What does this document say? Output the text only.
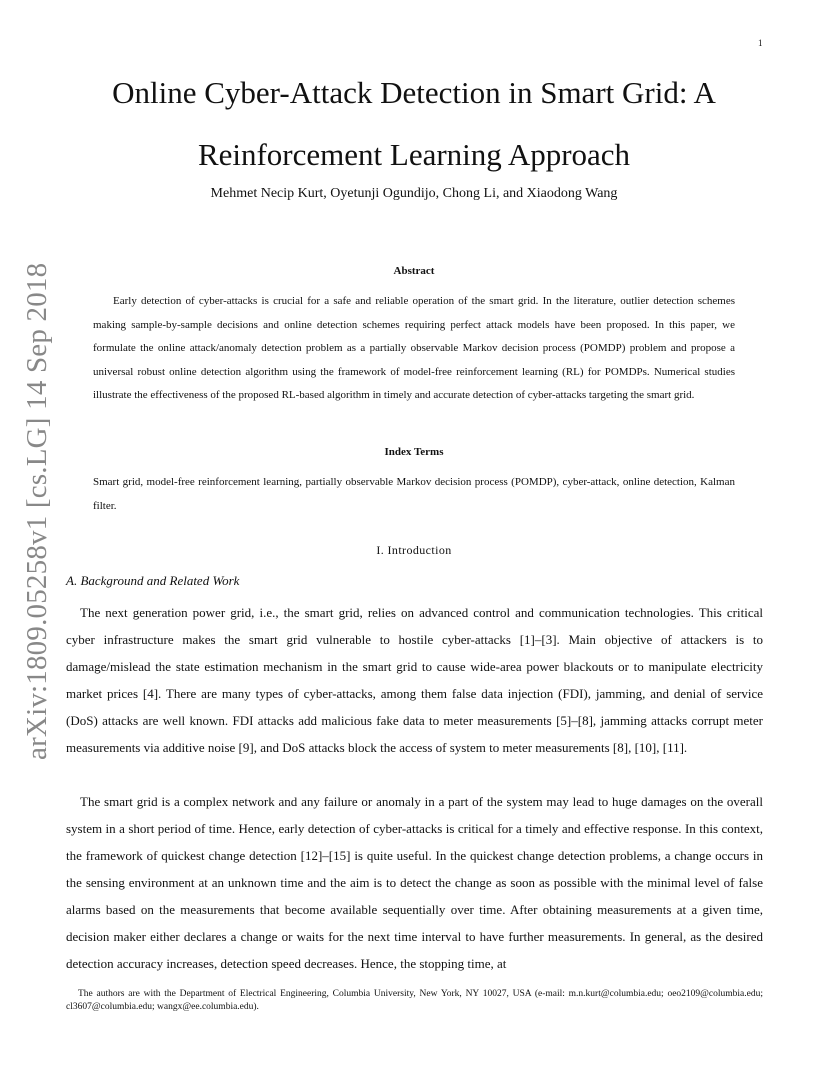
1
arXiv:1809.05258v1 [cs.LG] 14 Sep 2018
Online Cyber-Attack Detection in Smart Grid: A
Reinforcement Learning Approach
Mehmet Necip Kurt, Oyetunji Ogundijo, Chong Li, and Xiaodong Wang
Abstract

Early detection of cyber-attacks is crucial for a safe and reliable operation of the smart grid. In the literature, outlier detection schemes making sample-by-sample decisions and online detection schemes requiring perfect attack models have been proposed. In this paper, we formulate the online attack/anomaly detection problem as a partially observable Markov decision process (POMDP) problem and propose a universal robust online detection algorithm using the framework of model-free reinforcement learning (RL) for POMDPs. Numerical studies illustrate the effectiveness of the proposed RL-based algorithm in timely and accurate detection of cyber-attacks targeting the smart grid.

Index Terms

Smart grid, model-free reinforcement learning, partially observable Markov decision process (POMDP), cyber-attack, online detection, Kalman filter.

I. Introduction
A. Background and Related Work

The next generation power grid, i.e., the smart grid, relies on advanced control and communication technologies. This critical cyber infrastructure makes the smart grid vulnerable to hostile cyber-attacks [1]–[3]. Main objective of attackers is to damage/mislead the state estimation mechanism in the smart grid to cause wide-area power blackouts or to manipulate electricity market prices [4]. There are many types of cyber-attacks, among them false data injection (FDI), jamming, and denial of service (DoS) attacks are well known. FDI attacks add malicious fake data to meter measurements [5]–[8], jamming attacks corrupt meter measurements via additive noise [9], and DoS attacks block the access of system to meter measurements [8], [10], [11].

The smart grid is a complex network and any failure or anomaly in a part of the system may lead to huge damages on the overall system in a short period of time. Hence, early detection of cyber-attacks is critical for a timely and effective response. In this context, the framework of quickest change detection [12]–[15] is quite useful. In the quickest change detection problems, a change occurs in the sensing environment at an unknown time and the aim is to detect the change as soon as possible with the minimal level of false alarms based on the measurements that become available sequentially over time. After obtaining measurements at a given time, decision maker either declares a change or waits for the next time interval to have further measurements. In general, as the desired detection accuracy increases, detection speed decreases. Hence, the stopping time, at

The authors are with the Department of Electrical Engineering, Columbia University, New York, NY 10027, USA (e-mail: m.n.kurt@columbia.edu; oeo2109@columbia.edu; cl3607@columbia.edu; wangx@ee.columbia.edu).
